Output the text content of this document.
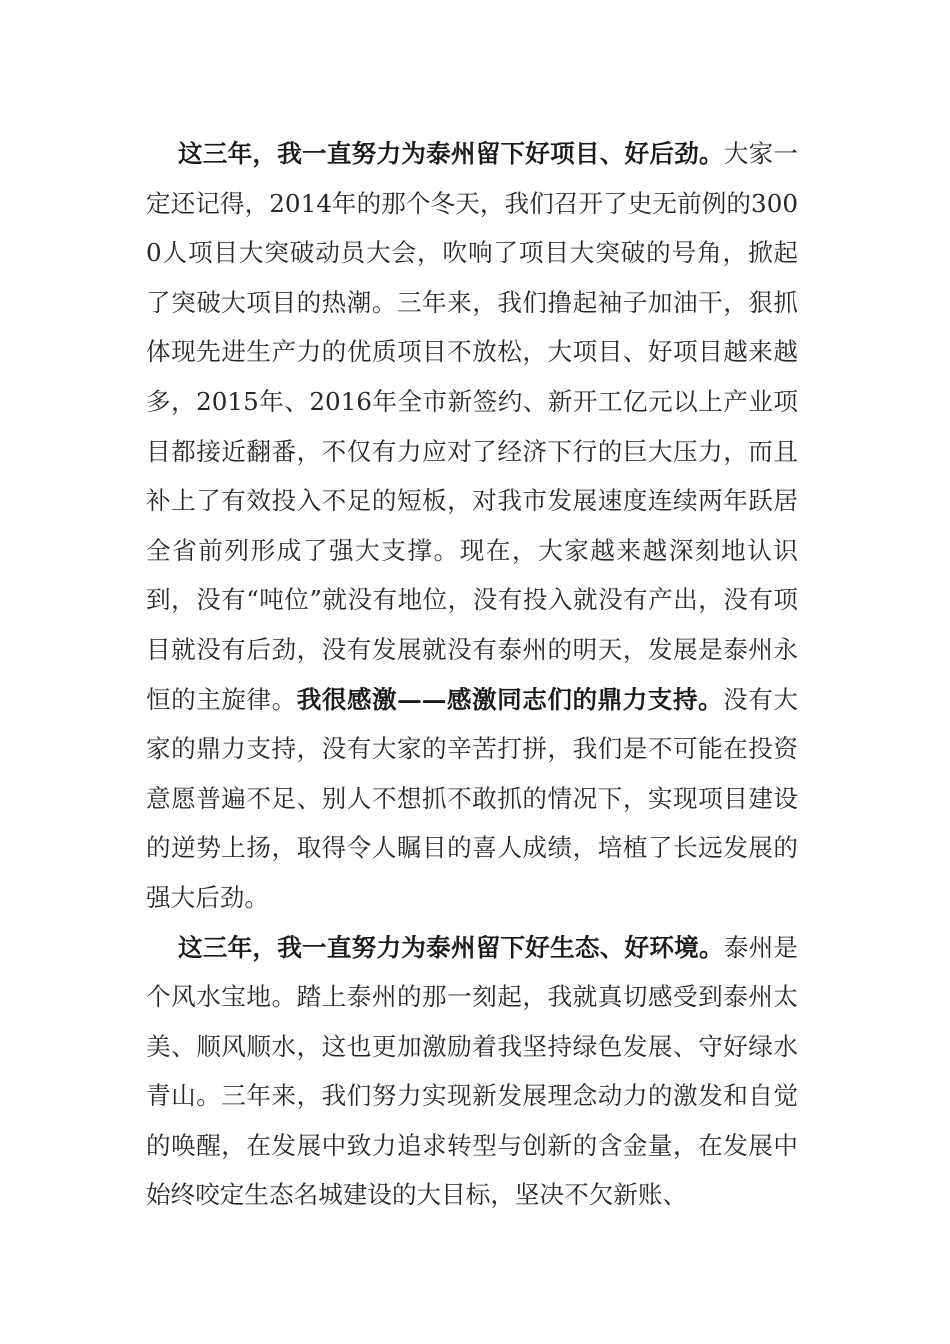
这三年，我一直努力为泰州留下好项目、好后劲。大家一定还记得，2014年的那个冬天，我们召开了史无前例的3000人项目大突破动员大会，吹响了项目大突破的号角，掀起了突破大项目的热潮。三年来，我们撸起袖子加油干，狠抓体现先进生产力的优质项目不放松，大项目、好项目越来越多，2015年、2016年全市新签约、新开工亿元以上产业项目都接近翻番，不仅有力应对了经济下行的巨大压力，而且补上了有效投入不足的短板，对我市发展速度连续两年跃居全省前列形成了强大支撑。现在，大家越来越深刻地认识到，没有“吨位”就没有地位，没有投入就没有产出，没有项目就没有后劲，没有发展就没有泰州的明天，发展是泰州永恒的主旋律。我很感激——感激同志们的鼎力支持。没有大家的鼎力支持，没有大家的辛苦打拼，我们是不可能在投资意愿普遍不足、别人不想抓不敢抓的情况下，实现项目建设的逆势上扬，取得令人瞩目的喜人成绩，培植了长远发展的强大后劲。

这三年，我一直努力为泰州留下好生态、好环境。泰州是个风水宝地。踏上泰州的那一刻起，我就真切感受到泰州太美、顺风顺水，这也更加激励着我坚持绿色发展、守好绿水青山。三年来，我们努力实现新发展理念动力的激发和自觉的唤醒，在发展中致力追求转型与创新的含金量，在发展中始终咬定生态名城建设的大目标，坚决不欠新账、
